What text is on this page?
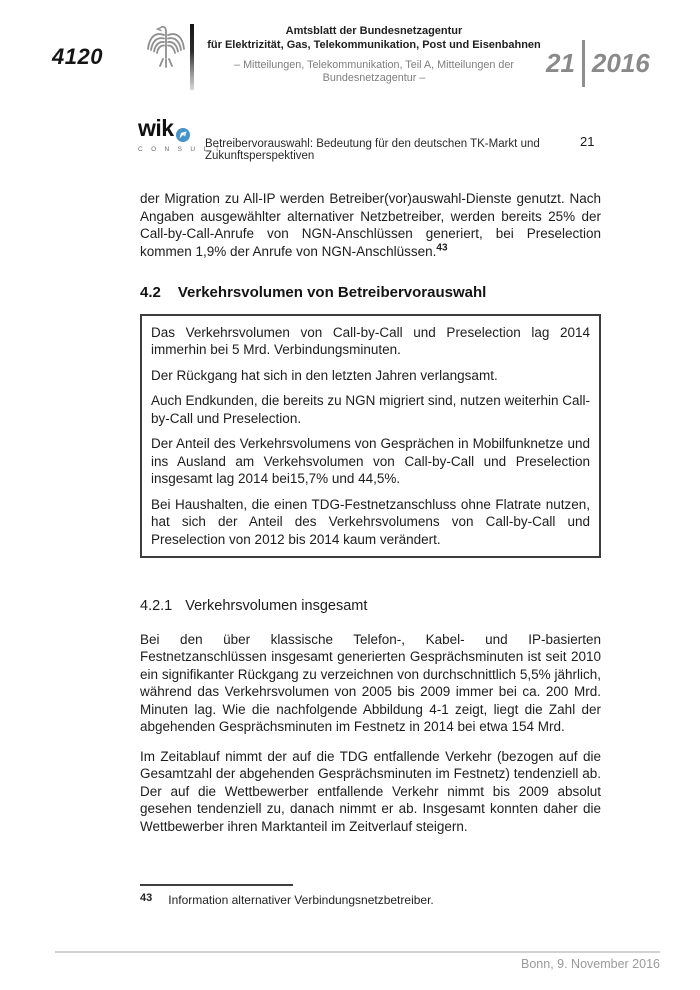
4120
Amtsblatt der Bundesnetzagentur
für Elektrizität, Gas, Telekommunikation, Post und Eisenbahnen
– Mitteilungen, Telekommunikation, Teil A, Mitteilungen der Bundesnetzagentur –	21 2016
wik
C O N S U L T
Betreibervorauswahl: Bedeutung für den deutschen TK-Markt und Zukunftsperspektiven
21

der Migration zu All-IP werden Betreiber(vor)auswahl-Dienste genutzt. Nach Angaben ausgewählter alternativer Netzbetreiber, werden bereits 25% der Call-by-Call-Anrufe von NGN-Anschlüssen generiert, bei Preselection kommen 1,9% der Anrufe von NGN-Anschlüssen.$^{43}$

4.2 Verkehrsvolumen von Betreibervorauswahl

Das Verkehrsvolumen von Call-by-Call und Preselection lag 2014 immerhin bei 5 Mrd. Verbindungsminuten.

Der Rückgang hat sich in den letzten Jahren verlangsamt.

Auch Endkunden, die bereits zu NGN migriert sind, nutzen weiterhin Call-by-Call und Preselection.

Der Anteil des Verkehrsvolumens von Gesprächen in Mobilfunknetze und ins Ausland am Verkehsvolumen von Call-by-Call und Preselection insgesamt lag 2014 bei15,7% und 44,5%.

Bei Haushalten, die einen TDG-Festnetzanschluss ohne Flatrate nutzen, hat sich der Anteil des Verkehrsvolumens von Call-by-Call und Preselection von 2012 bis 2014 kaum verändert.

4.2.1 Verkehrsvolumen insgesamt

Bei den über klassische Telefon-, Kabel- und IP-basierten Festnetzanschlüssen insgesamt generierten Gesprächsminuten ist seit 2010 ein signifikanter Rückgang zu verzeichnen von durchschnittlich 5,5% jährlich, während das Verkehrsvolumen von 2005 bis 2009 immer bei ca. 200 Mrd. Minuten lag. Wie die nachfolgende Abbildung 4-1 zeigt, liegt die Zahl der abgehenden Gesprächsminuten im Festnetz in 2014 bei etwa 154 Mrd.

Im Zeitablauf nimmt der auf die TDG entfallende Verkehr (bezogen auf die Gesamtzahl der abgehenden Gesprächsminuten im Festnetz) tendenziell ab. Der auf die Wettbewerber entfallende Verkehr nimmt bis 2009 absolut gesehen tendenziell zu, danach nimmt er ab. Insgesamt konnten daher die Wettbewerber ihren Marktanteil im Zeitverlauf steigern.

43 Information alternativer Verbindungsnetzbetreiber.
Bonn, 9. November 2016
